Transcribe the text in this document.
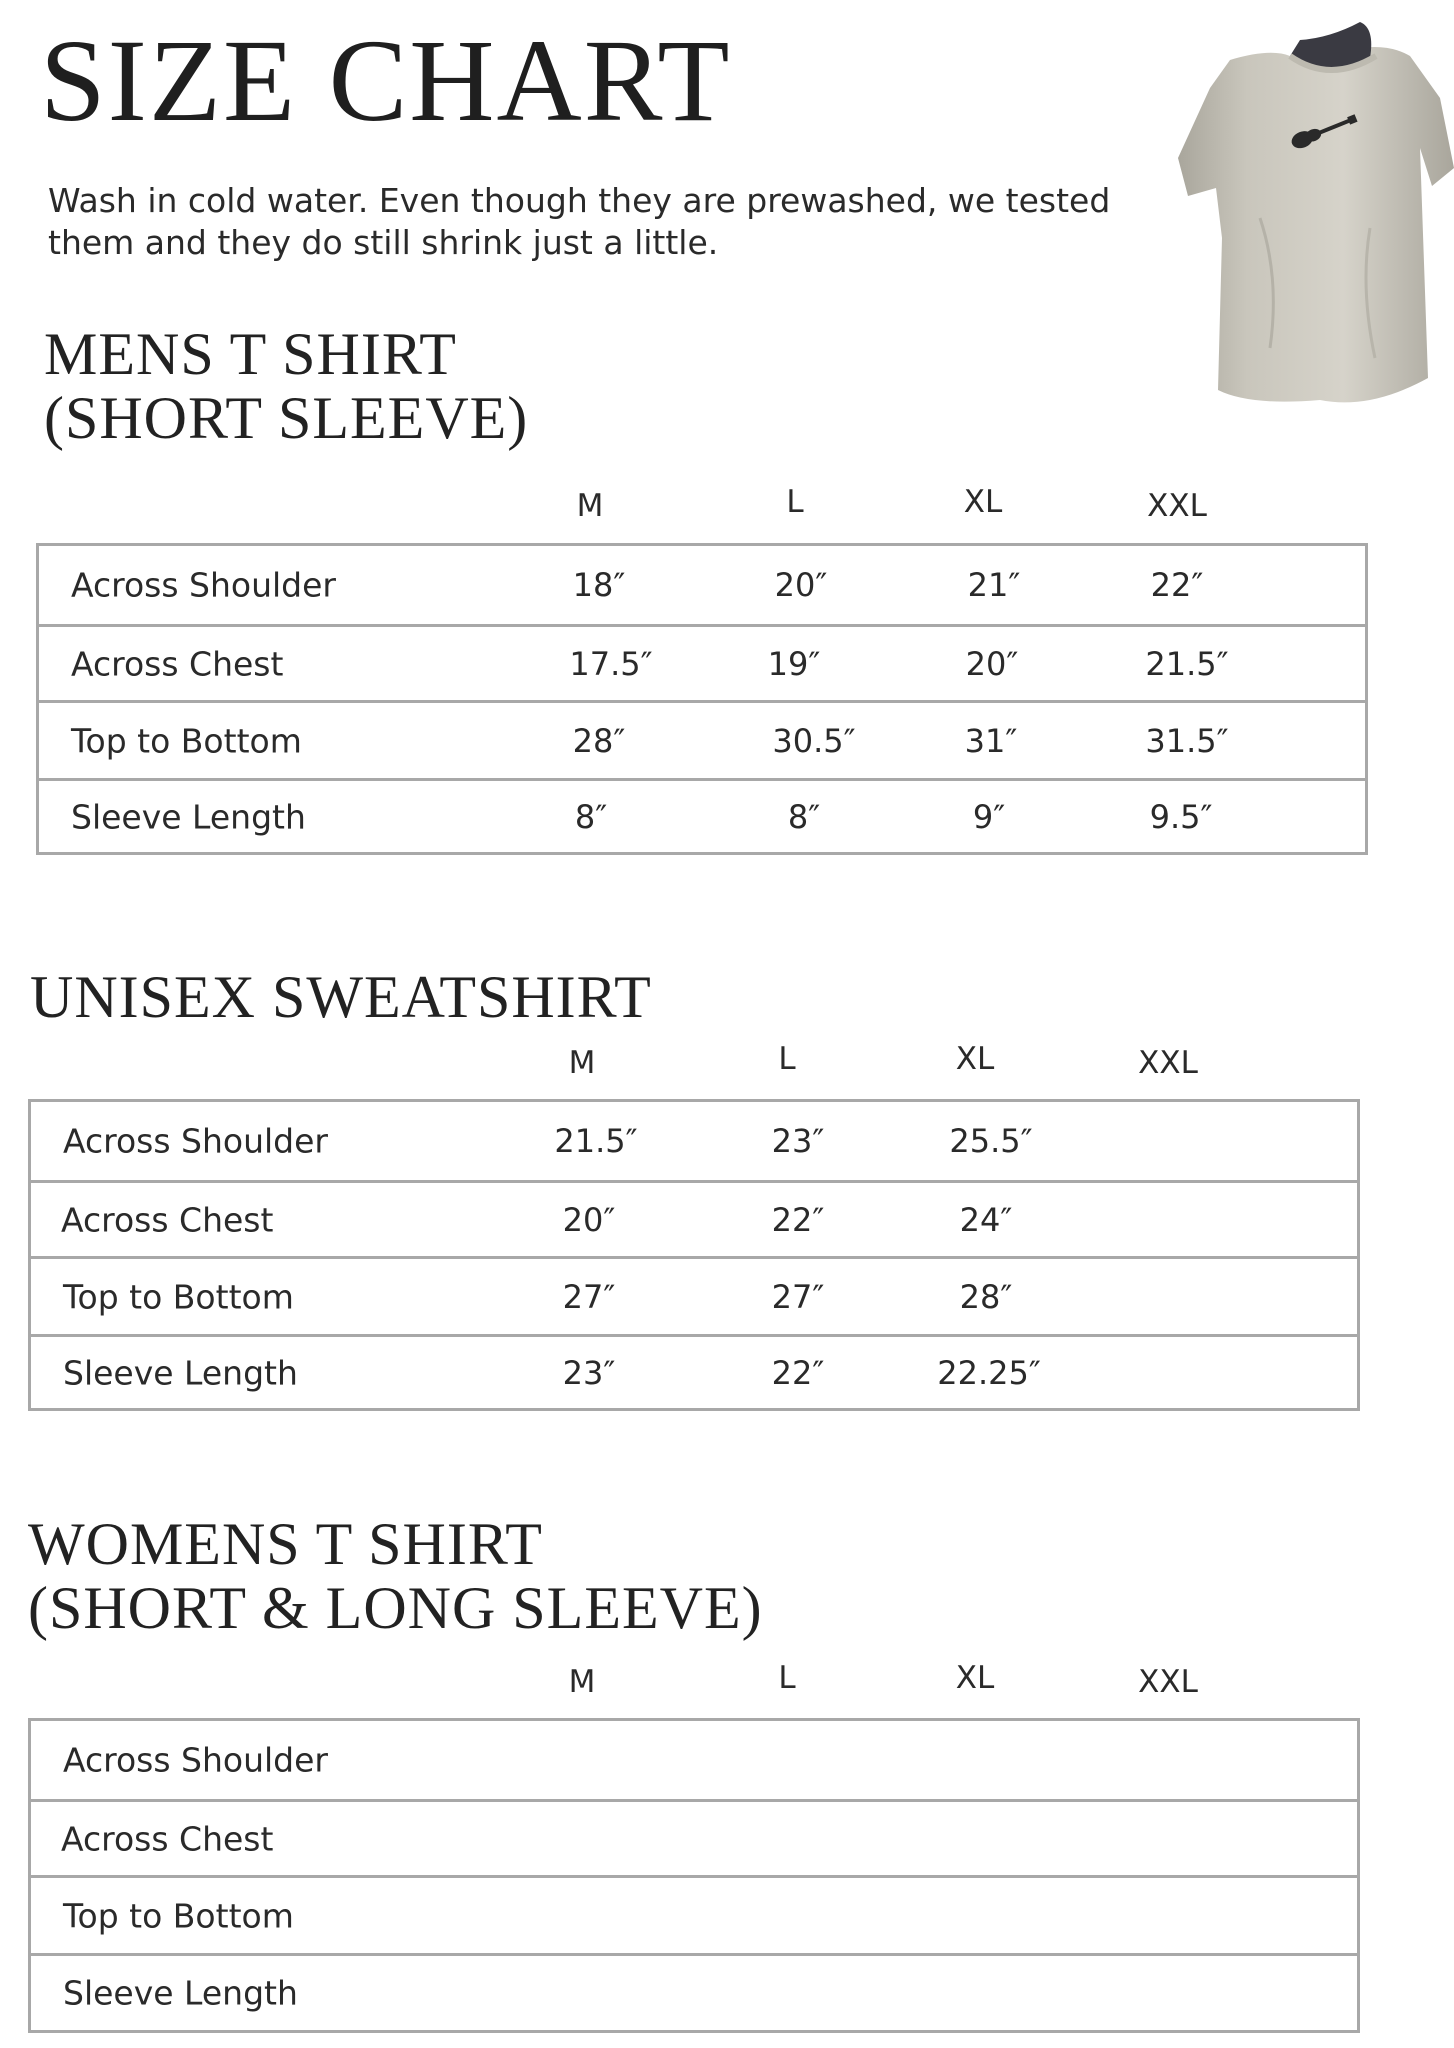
SIZE CHART

Wash in cold water. Even though they are prewashed, we tested them and they do still shrink just a little.

MENS T SHIRT
(SHORT SLEEVE)
M	L	XL	XXL
Across Shoulder	18″	20″	21″	22″
Across Chest	17.5″	19″	20″	21.5″
Top to Bottom	28″	30.5″	31″	31.5″
Sleeve Length	8″	8″	9″	9.5″
UNISEX SWEATSHIRT
M	L	XL	XXL
Across Shoulder	21.5″	23″	25.5″
Across Chest	20″	22″	24″
Top to Bottom	27″	27″	28″
Sleeve Length	23″	22″	22.25″
WOMENS T SHIRT
(SHORT & LONG SLEEVE)
M	L	XL	XXL
Across Shoulder
Across Chest
Top to Bottom
Sleeve Length
